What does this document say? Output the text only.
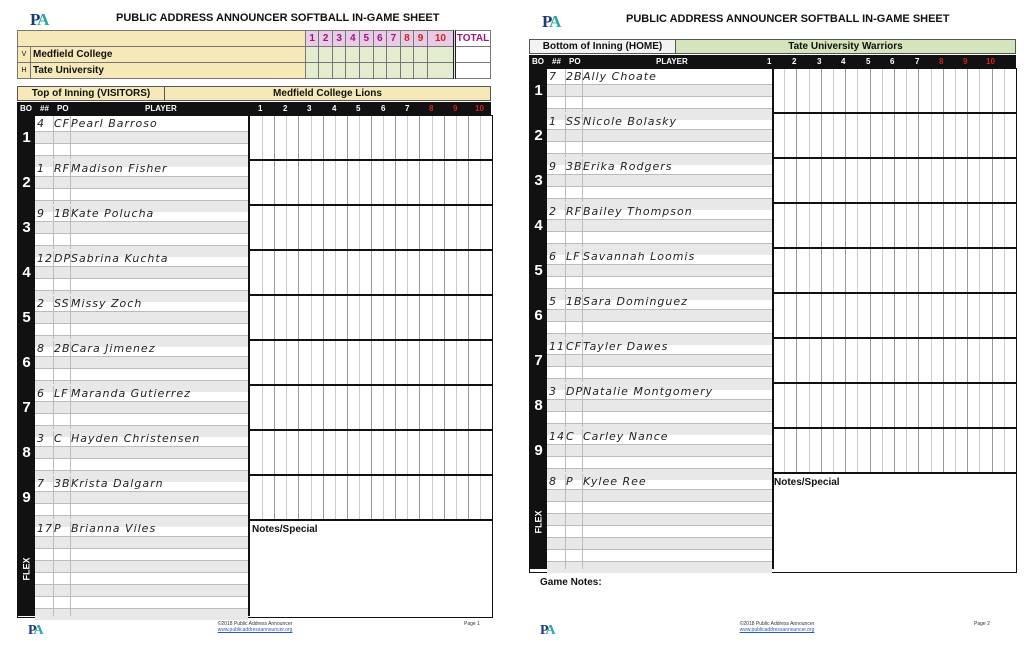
PA	PUBLIC ADDRESS ANNOUNCER SOFTBALL IN-GAME SHEET
		1	2	3	4	5	6	7	8	9	10	TOTAL
V	Medfield College											
H	Tate University											
Top of Inning (VISITORS)	Medfield College Lions
BO ## PO	PLAYER	1	2 3	4 5	6 7 8 9 10
1
4 CF Pearl Barroso
2
1 RF Madison Fisher
3
9 1B Kate Polucha
4
12 DP Sabrina Kuchta
5
2 SS Missy Zoch
6
8 2B Cara Jimenez
7
6 LF Maranda Gutierrez
8
3 C Hayden Christensen
9
7 3B Krista Dalgarn
FLEX
17 P Brianna Viles	Notes/Special
PA	©2018 Public Address Announcer
www.publicaddressannouncer.org
Page 1
PA	PUBLIC ADDRESS ANNOUNCER SOFTBALL IN-GAME SHEET
Bottom of Inning (HOME)	Tate University Warriors
BO ## PO	PLAYER	1	2	3 4	5 6	7 8 9 10
1
7 2B Ally Choate
2
1 SS Nicole Bolasky
3
9 3B Erika Rodgers
4
2 RF Bailey Thompson
5
6 LF Savannah Loomis
6
5 1B Sara Dominguez
7
11 CF Tayler Dawes
8
3 DP Natalie Montgomery
9
14 C Carley Nance
FLEX
8 P Kylee Ree	Notes/Special
Game Notes:
PA	©2018 Public Address Announcer
www.publicaddressannouncer.org
Page 2
